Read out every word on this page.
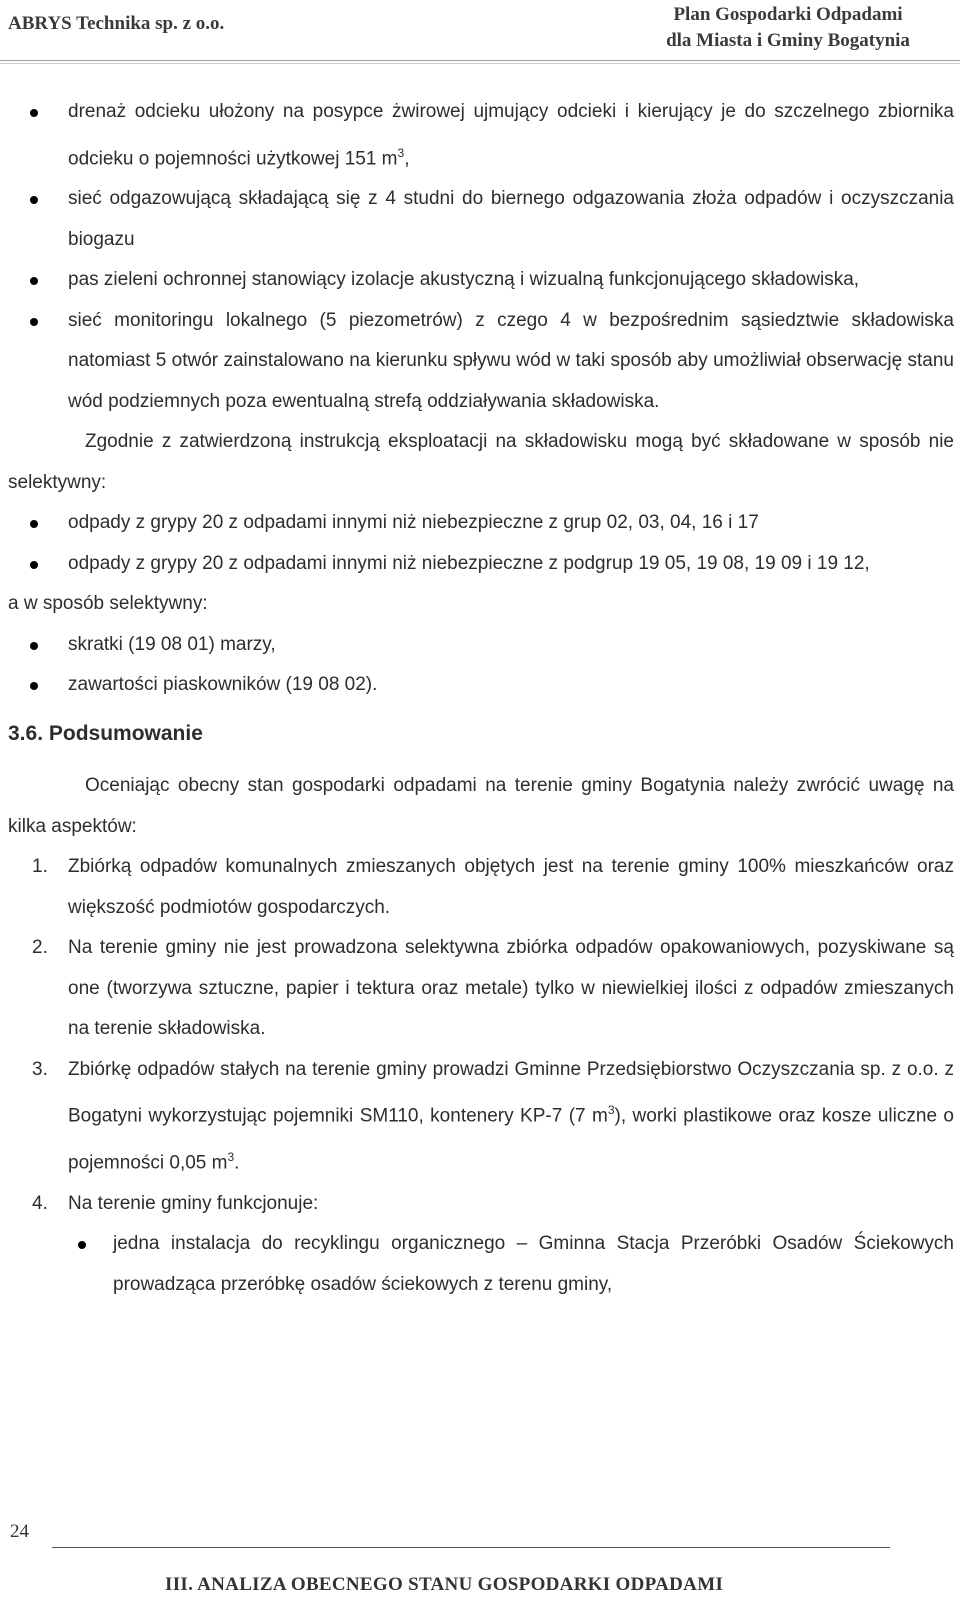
ABRYS Technika sp. z o.o.	Plan Gospodarki Odpadami
dla Miasta i Gminy Bogatynia

drenaż odcieku ułożony na posypce żwirowej ujmujący odcieki i kierujący je do szczelnego zbiornika odcieku o pojemności użytkowej 151 $m^3$,

sieć odgazowującą składającą się z 4 studni do biernego odgazowania złoża odpadów i oczyszczania biogazu

pas zieleni ochronnej stanowiący izolacje akustyczną i wizualną funkcjonującego składowiska,

sieć monitoringu lokalnego (5 piezometrów) z czego 4 w bezpośrednim sąsiedztwie składowiska natomiast 5 otwór zainstalowano na kierunku spływu wód w taki sposób aby umożliwiał obserwację stanu wód podziemnych poza ewentualną strefą oddziaływania składowiska.

Zgodnie z zatwierdzoną instrukcją eksploatacji na składowisku mogą być składowane w sposób nie selektywny:

odpady z grypy 20 z odpadami innymi niż niebezpieczne z grup 02, 03, 04, 16 i 17

odpady z grypy 20 z odpadami innymi niż niebezpieczne z podgrup 19 05, 19 08, 19 09 i 19 12,

a w sposób selektywny:

skratki (19 08 01) marzy,

zawartości piaskowników (19 08 02).

3.6. Podsumowanie

Oceniając obecny stan gospodarki odpadami na terenie gminy Bogatynia należy zwrócić uwagę na kilka aspektów:

1. Zbiórką odpadów komunalnych zmieszanych objętych jest na terenie gminy 100% mieszkańców oraz większość podmiotów gospodarczych.

2. Na terenie gminy nie jest prowadzona selektywna zbiórka odpadów opakowaniowych, pozyskiwane są one (tworzywa sztuczne, papier i tektura oraz metale) tylko w niewielkiej ilości z odpadów zmieszanych na terenie składowiska.

3. Zbiórkę odpadów stałych na terenie gminy prowadzi Gminne Przedsiębiorstwo Oczyszczania sp. z o.o. z Bogatyni wykorzystując pojemniki SM110, kontenery KP-7 (7 $m^3$), worki plastikowe oraz kosze uliczne o pojemności 0,05 $m^3$.

4. Na terenie gminy funkcjonuje:

jedna instalacja do recyklingu organicznego – Gminna Stacja Przeróbki Osadów Ściekowych prowadząca przeróbkę osadów ściekowych z terenu gminy,

24
III. ANALIZA OBECNEGO STANU GOSPODARKI ODPADAMI
